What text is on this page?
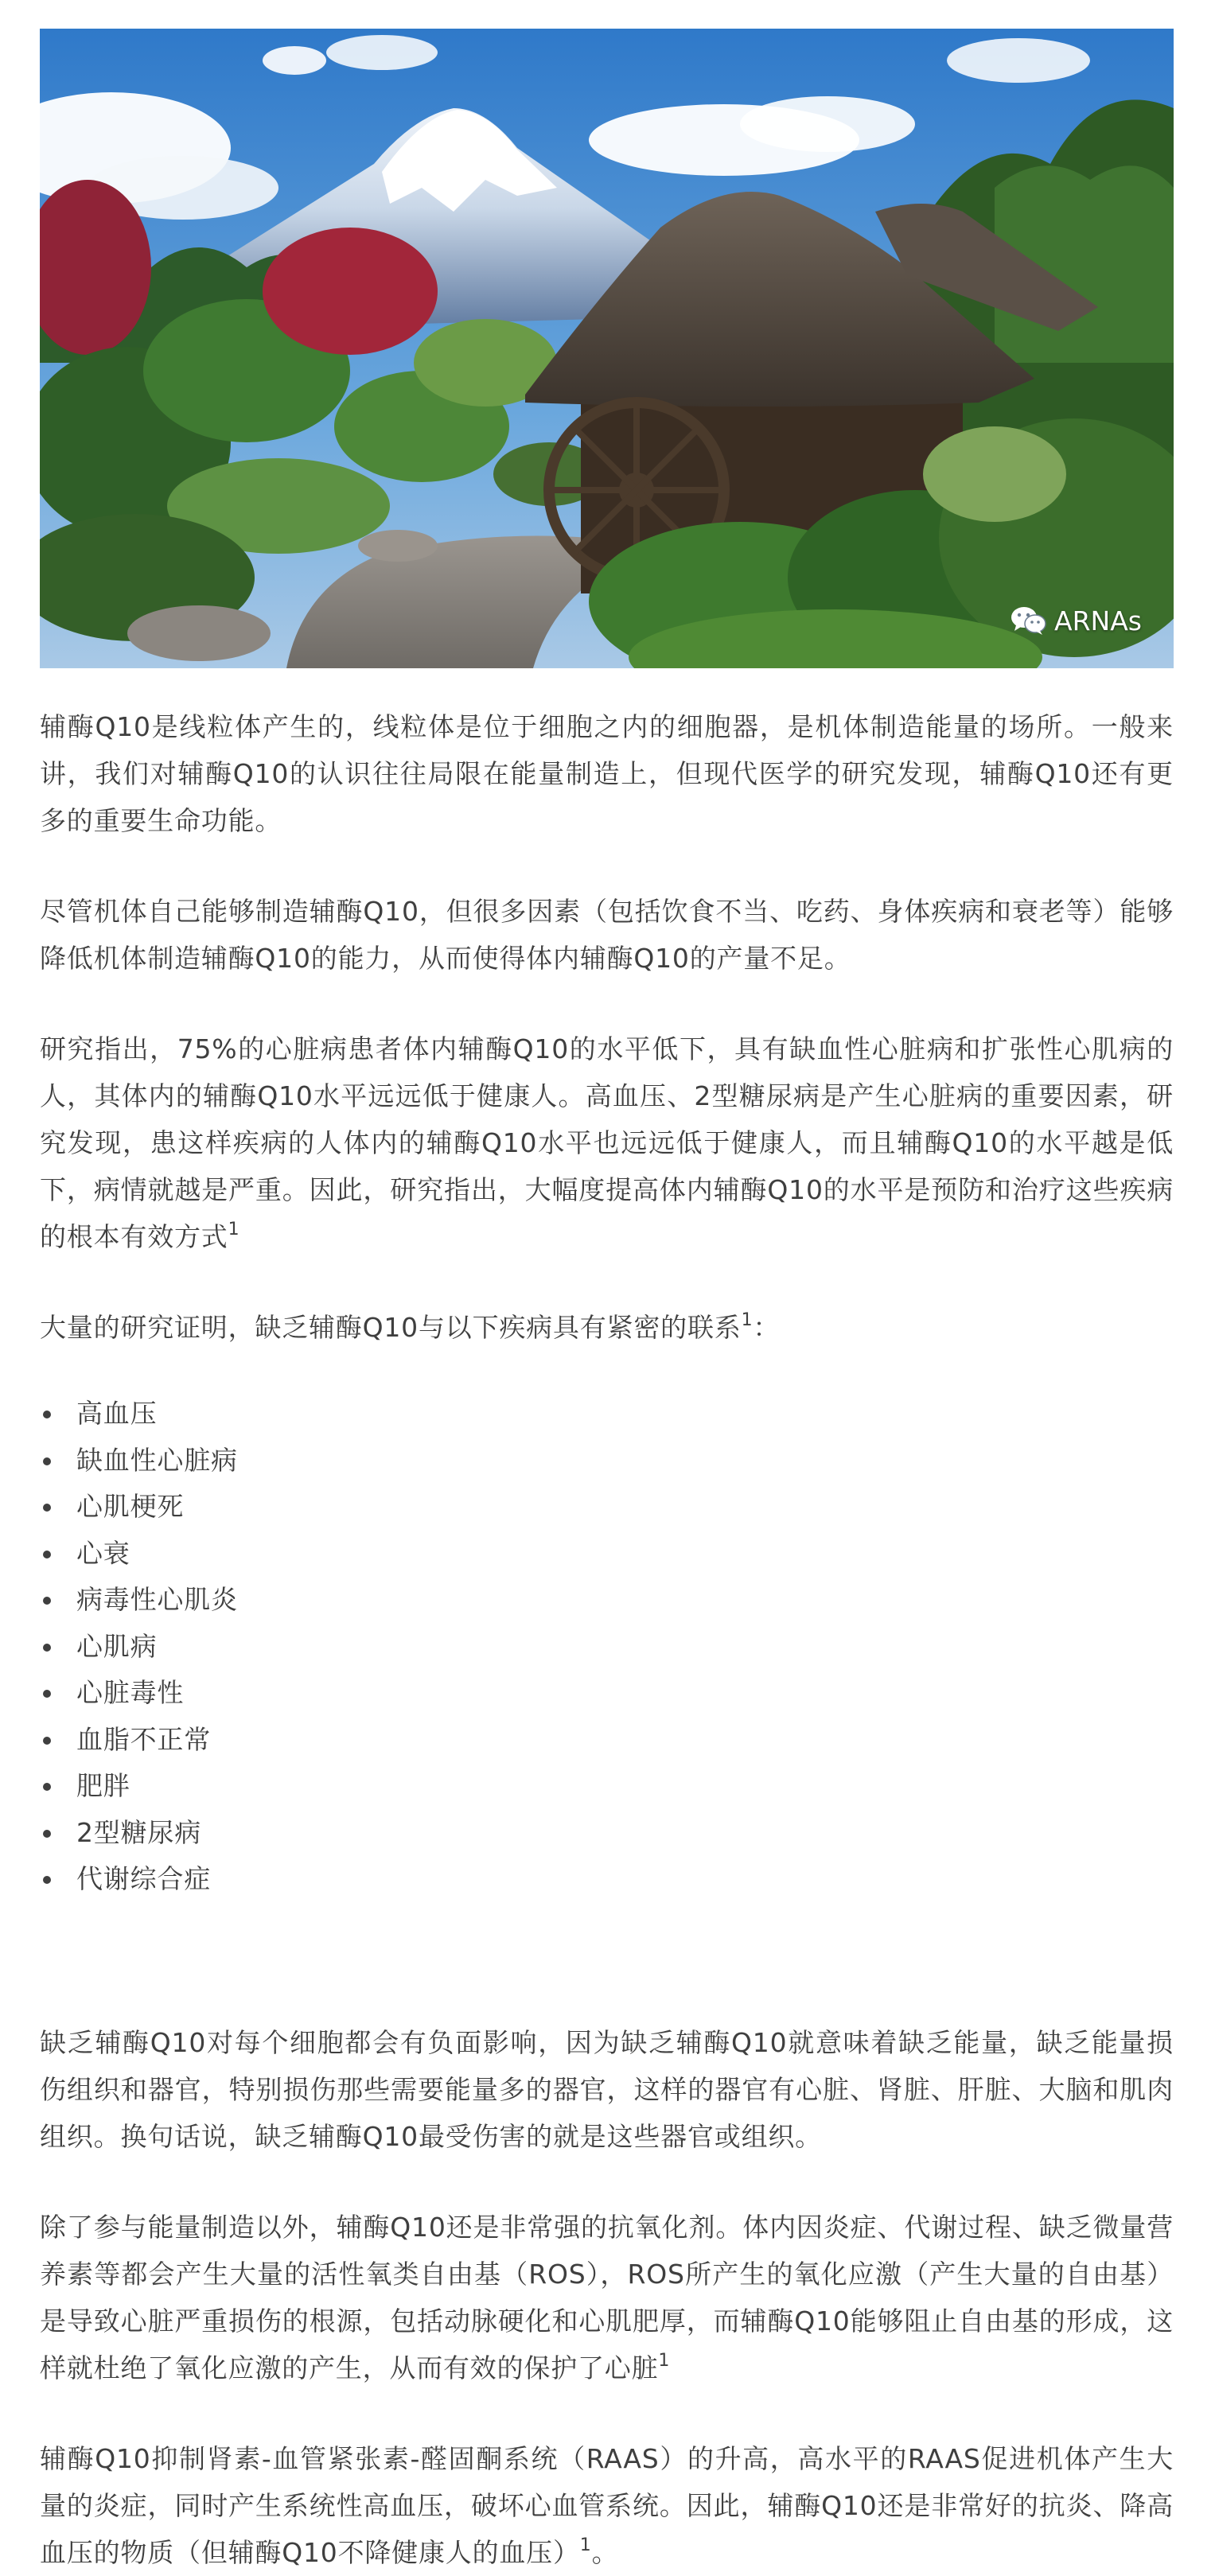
ARNAs

辅酶Q10是线粒体产生的，线粒体是位于细胞之内的细胞器，是机体制造能量的场所。一般来讲，我们对辅酶Q10的认识往往局限在能量制造上，但现代医学的研究发现，辅酶Q10还有更多的重要生命功能。

尽管机体自己能够制造辅酶Q10，但很多因素（包括饮食不当、吃药、身体疾病和衰老等）能够降低机体制造辅酶Q10的能力，从而使得体内辅酶Q10的产量不足。

研究指出，75%的心脏病患者体内辅酶Q10的水平低下，具有缺血性心脏病和扩张性心肌病的人，其体内的辅酶Q10水平远远低于健康人。高血压、2型糖尿病是产生心脏病的重要因素，研究发现，患这样疾病的人体内的辅酶Q10水平也远远低于健康人，而且辅酶Q10的水平越是低下，病情就越是严重。因此，研究指出，大幅度提高体内辅酶Q10的水平是预防和治疗这些疾病的根本有效方式$^1$

大量的研究证明，缺乏辅酶Q10与以下疾病具有紧密的联系$^1$：

高血压
缺血性心脏病
心肌梗死
心衰
病毒性心肌炎
心肌病
心脏毒性
血脂不正常
肥胖
2型糖尿病
代谢综合症

缺乏辅酶Q10对每个细胞都会有负面影响，因为缺乏辅酶Q10就意味着缺乏能量，缺乏能量损伤组织和器官，特别损伤那些需要能量多的器官，这样的器官有心脏、肾脏、肝脏、大脑和肌肉组织。换句话说，缺乏辅酶Q10最受伤害的就是这些器官或组织。

除了参与能量制造以外，辅酶Q10还是非常强的抗氧化剂。体内因炎症、代谢过程、缺乏微量营养素等都会产生大量的活性氧类自由基（ROS），ROS所产生的氧化应激（产生大量的自由基）是导致心脏严重损伤的根源，包括动脉硬化和心肌肥厚，而辅酶Q10能够阻止自由基的形成，这样就杜绝了氧化应激的产生，从而有效的保护了心脏$^1$

辅酶Q10抑制肾素-血管紧张素-醛固酮系统（RAAS）的升高，高水平的RAAS促进机体产生大量的炎症，同时产生系统性高血压，破坏心血管系统。因此，辅酶Q10还是非常好的抗炎、降高血压的物质（但辅酶Q10不降健康人的血压）$^1$。
